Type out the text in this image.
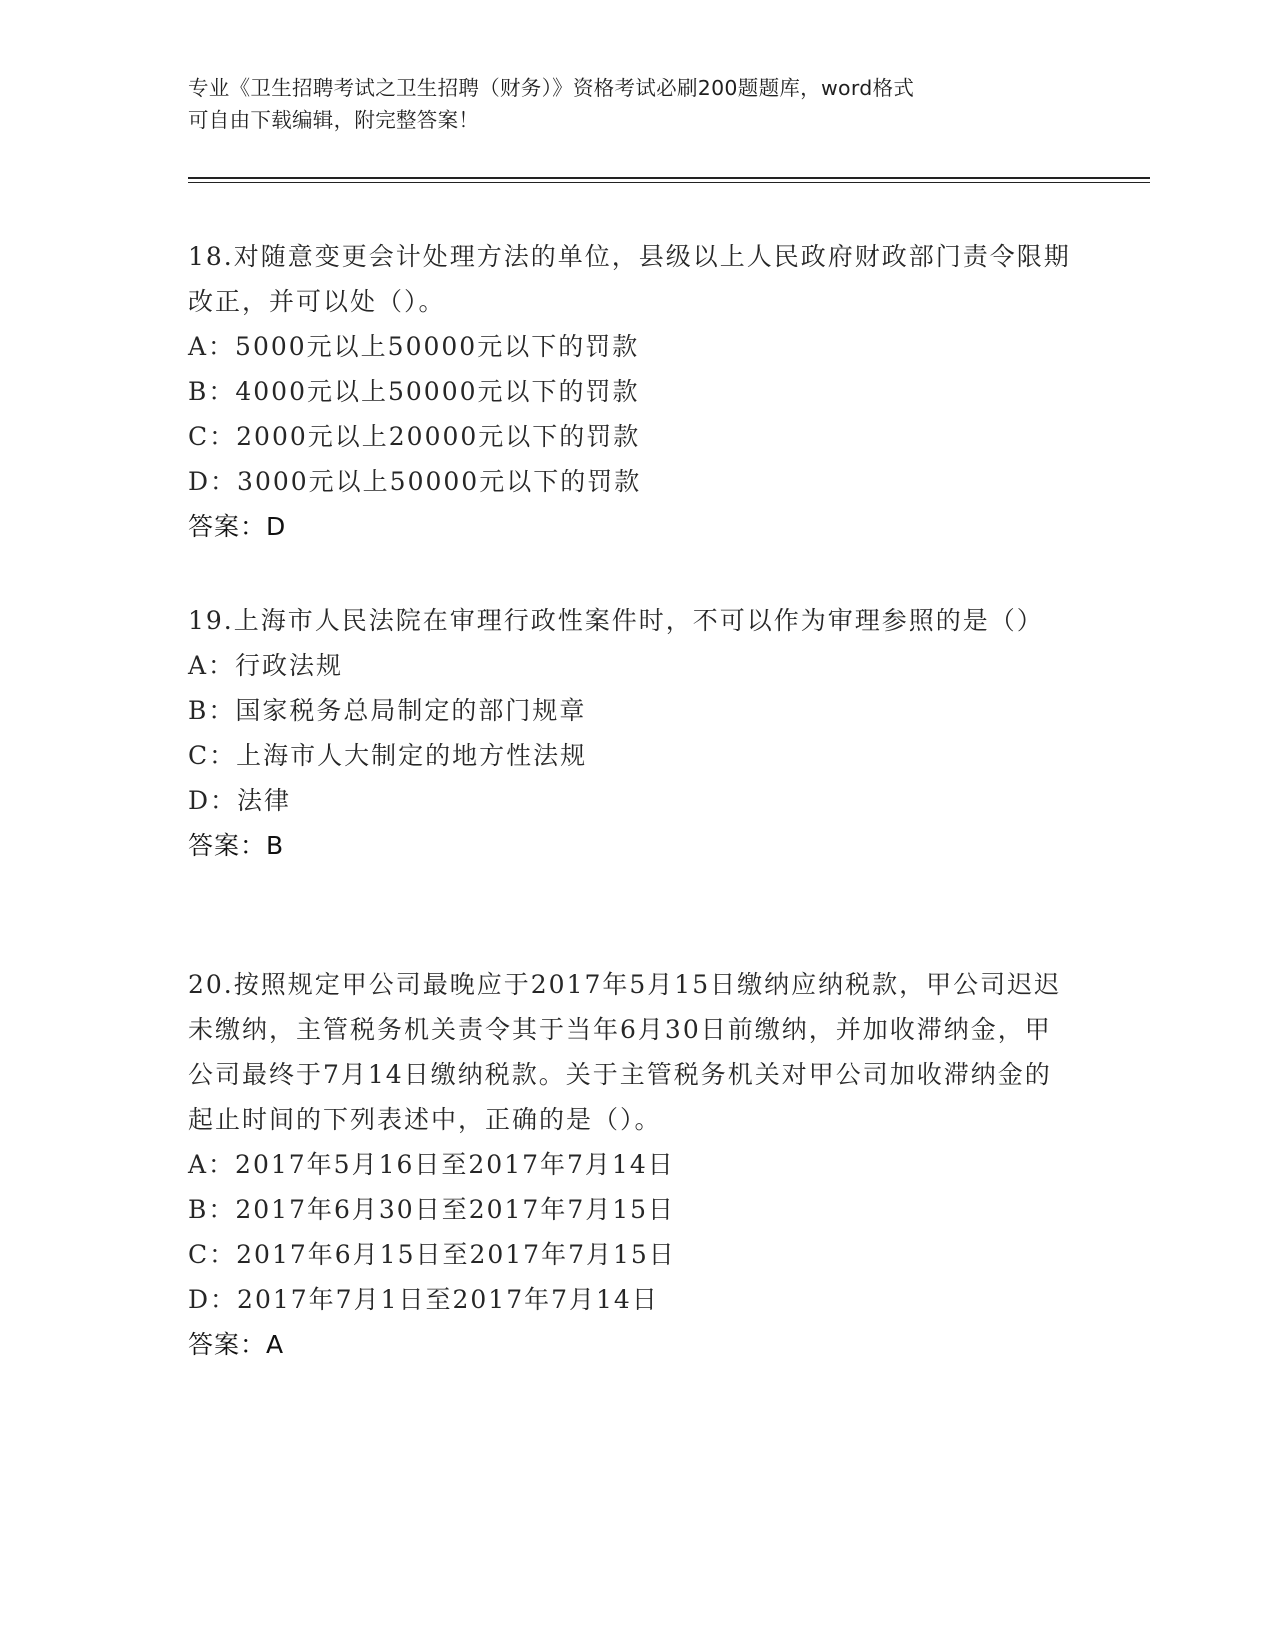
专业《卫生招聘考试之卫生招聘（财务）》资格考试必刷200题题库，word格式
可自由下载编辑，附完整答案！
18.对随意变更会计处理方法的单位，县级以上人民政府财政部门责令限期改正，并可以处（）。
A：5000元以上50000元以下的罚款
B：4000元以上50000元以下的罚款
C：2000元以上20000元以下的罚款
D：3000元以上50000元以下的罚款
答案：D
19.上海市人民法院在审理行政性案件时，不可以作为审理参照的是（）
A：行政法规
B：国家税务总局制定的部门规章
C：上海市人大制定的地方性法规
D：法律
答案：B
20.按照规定甲公司最晚应于2017年5月15日缴纳应纳税款，甲公司迟迟未缴纳，主管税务机关责令其于当年6月30日前缴纳，并加收滞纳金，甲公司最终于7月14日缴纳税款。关于主管税务机关对甲公司加收滞纳金的起止时间的下列表述中，正确的是（）。
A：2017年5月16日至2017年7月14日
B：2017年6月30日至2017年7月15日
C：2017年6月15日至2017年7月15日
D：2017年7月1日至2017年7月14日
答案：A
